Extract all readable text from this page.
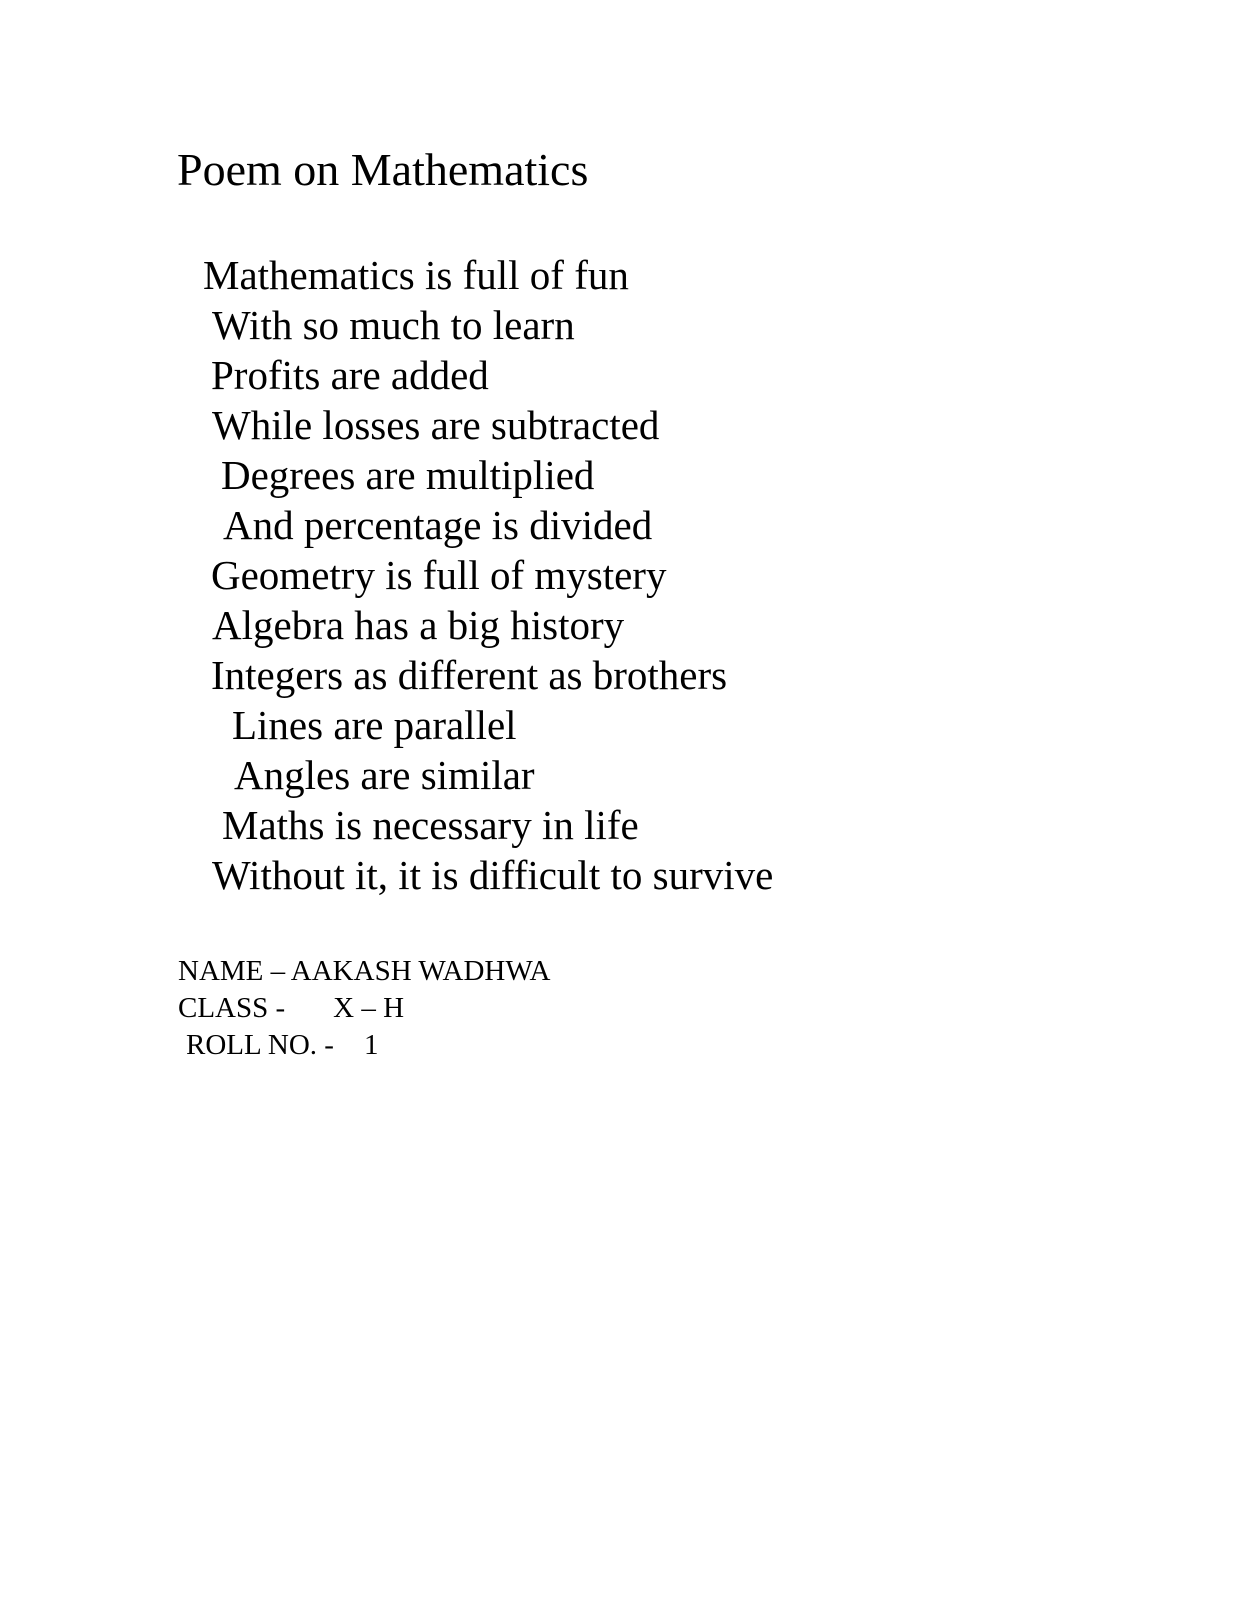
Poem on Mathematics
Mathematics is full of fun
With so much to learn
Profits are added
While losses are subtracted
Degrees are multiplied
And percentage is divided
Geometry is full of mystery
Algebra has a big history
Integers as different as brothers
Lines are parallel
Angles are similar
Maths is necessary in life
Without it, it is difficult to survive
NAME – AAKASH WADHWA
CLASS - X – H
ROLL NO. - 1
